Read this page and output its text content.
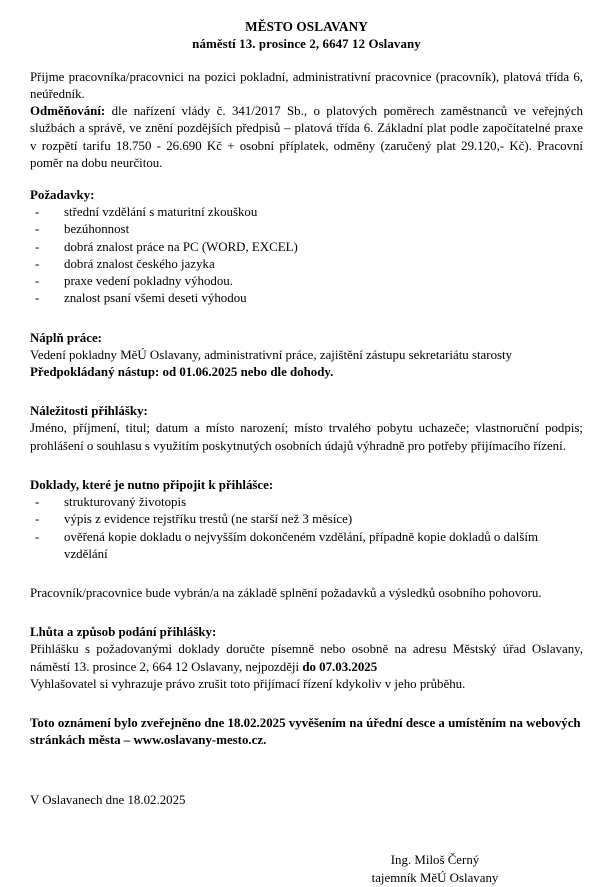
MĚSTO OSLAVANY
náměstí 13. prosince 2, 6647 12 Oslavany

Přijme pracovníka/pracovnici na pozici pokladní, administrativní pracovnice (pracovník), platová třída 6, neúředník.

Odměňování: dle nařízení vlády č. 341/2017 Sb., o platových poměrech zaměstnanců ve veřejných službách a správě, ve znění pozdějších předpisů – platová třída 6. Základní plat podle započítatelné praxe v rozpětí tarifu 18.750 - 26.690 Kč + osobní příplatek, odměny (zaručený plat 29.120,- Kč). Pracovní poměr na dobu neurčitou.

Požadavky:

- střední vzdělání s maturitní zkouškou
- bezúhonnost
- dobrá znalost práce na PC (WORD, EXCEL)
- dobrá znalost českého jazyka
- praxe vedení pokladny výhodou.
- znalost psaní všemi deseti výhodou

Náplň práce:

Vedení pokladny MěÚ Oslavany, administrativní práce, zajištění zástupu sekretariátu starosty

Předpokládaný nástup: od 01.06.2025 nebo dle dohody.

Náležitosti přihlášky:

Jméno, příjmení, titul; datum a místo narození; místo trvalého pobytu uchazeče; vlastnoruční podpis; prohlášení o souhlasu s využitím poskytnutých osobních údajů výhradně pro potřeby přijímacího řízení.

Doklady, které je nutno připojit k přihlášce:

- strukturovaný životopis
- výpis z evidence rejstříku trestů (ne starší než 3 měsíce)
- ověřená kopie dokladu o nejvyšším dokončeném vzdělání, případně kopie dokladů o dalším vzdělání

Pracovník/pracovnice bude vybrán/a na základě splnění požadavků a výsledků osobního pohovoru.

Lhůta a způsob podání přihlášky:

Přihlášku s požadovanými doklady doručte písemně nebo osobně na adresu Městský úřad Oslavany, náměstí 13. prosince 2, 664 12 Oslavany, nejpozději do 07.03.2025

Vyhlašovatel si vyhrazuje právo zrušit toto přijímací řízení kdykoliv v jeho průběhu.

Toto oznámení bylo zveřejněno dne 18.02.2025 vyvěšením na úřední desce a umístěním na webových stránkách města – www.oslavany-mesto.cz.

V Oslavanech dne 18.02.2025

Ing. Miloš Černý
tajemník MěÚ Oslavany
